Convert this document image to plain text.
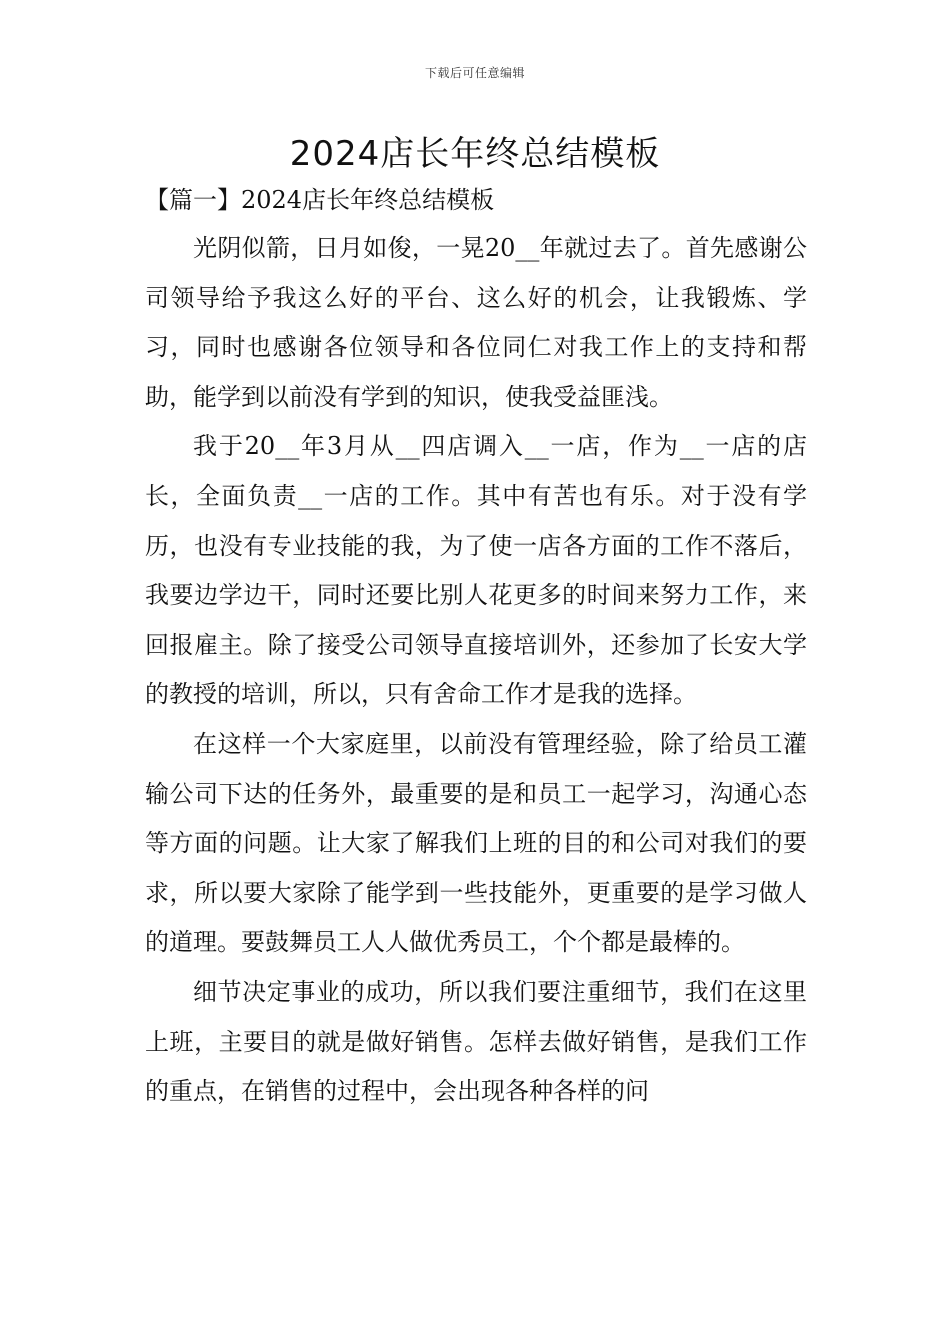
下载后可任意编辑
2024店长年终总结模板
【篇一】2024店长年终总结模板

光阴似箭，日月如俊，一晃20__年就过去了。首先感谢公司领导给予我这么好的平台、这么好的机会，让我锻炼、学习，同时也感谢各位领导和各位同仁对我工作上的支持和帮助，能学到以前没有学到的知识，使我受益匪浅。

我于20__年3月从__四店调入__一店，作为__一店的店长，全面负责__一店的工作。其中有苦也有乐。对于没有学历，也没有专业技能的我，为了使一店各方面的工作不落后，我要边学边干，同时还要比别人花更多的时间来努力工作，来回报雇主。除了接受公司领导直接培训外，还参加了长安大学的教授的培训，所以，只有舍命工作才是我的选择。

在这样一个大家庭里，以前没有管理经验，除了给员工灌输公司下达的任务外，最重要的是和员工一起学习，沟通心态等方面的问题。让大家了解我们上班的目的和公司对我们的要求，所以要大家除了能学到一些技能外，更重要的是学习做人的道理。要鼓舞员工人人做优秀员工，个个都是最棒的。

细节决定事业的成功，所以我们要注重细节，我们在这里上班，主要目的就是做好销售。怎样去做好销售，是我们工作的重点，在销售的过程中，会出现各种各样的问
